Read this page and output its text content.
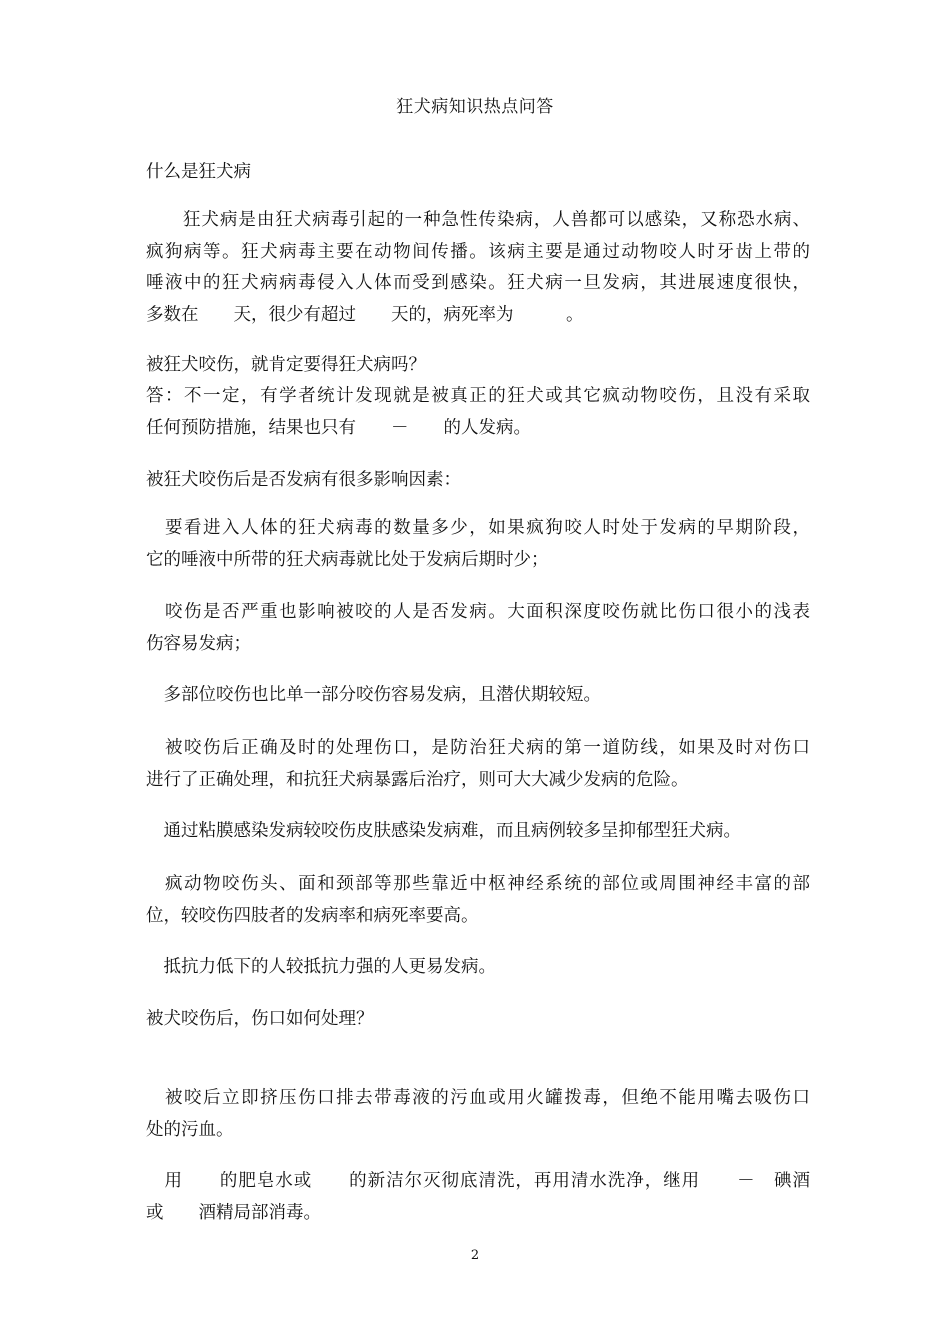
狂犬病知识热点问答
什么是狂犬病
　　狂犬病是由狂犬病毒引起的一种急性传染病，人兽都可以感染，又称恐水病、
疯狗病等。狂犬病毒主要在动物间传播。该病主要是通过动物咬人时牙齿上带的
唾液中的狂犬病病毒侵入人体而受到感染。狂犬病一旦发病，其进展速度很快，
多数在　　天，很少有超过　　天的，病死率为　　　。
被狂犬咬伤，就肯定要得狂犬病吗？
答：不一定，有学者统计发现就是被真正的狂犬或其它疯动物咬伤，且没有采取
任何预防措施，结果也只有　　－　　的人发病。
被狂犬咬伤后是否发病有很多影响因素：
　要看进入人体的狂犬病毒的数量多少，如果疯狗咬人时处于发病的早期阶段，
它的唾液中所带的狂犬病毒就比处于发病后期时少；
　咬伤是否严重也影响被咬的人是否发病。大面积深度咬伤就比伤口很小的浅表
伤容易发病；
　多部位咬伤也比单一部分咬伤容易发病，且潜伏期较短。
　被咬伤后正确及时的处理伤口，是防治狂犬病的第一道防线，如果及时对伤口
进行了正确处理，和抗狂犬病暴露后治疗，则可大大减少发病的危险。
　通过粘膜感染发病较咬伤皮肤感染发病难，而且病例较多呈抑郁型狂犬病。
　疯动物咬伤头、面和颈部等那些靠近中枢神经系统的部位或周围神经丰富的部
位，较咬伤四肢者的发病率和病死率要高。
　抵抗力低下的人较抵抗力强的人更易发病。
被犬咬伤后，伤口如何处理？
　被咬后立即挤压伤口排去带毒液的污血或用火罐拨毒，但绝不能用嘴去吸伤口
处的污血。
　用　　的肥皂水或　　的新洁尔灭彻底清洗，再用清水洗净，继用　　－　碘酒
或　　酒精局部消毒。
2
